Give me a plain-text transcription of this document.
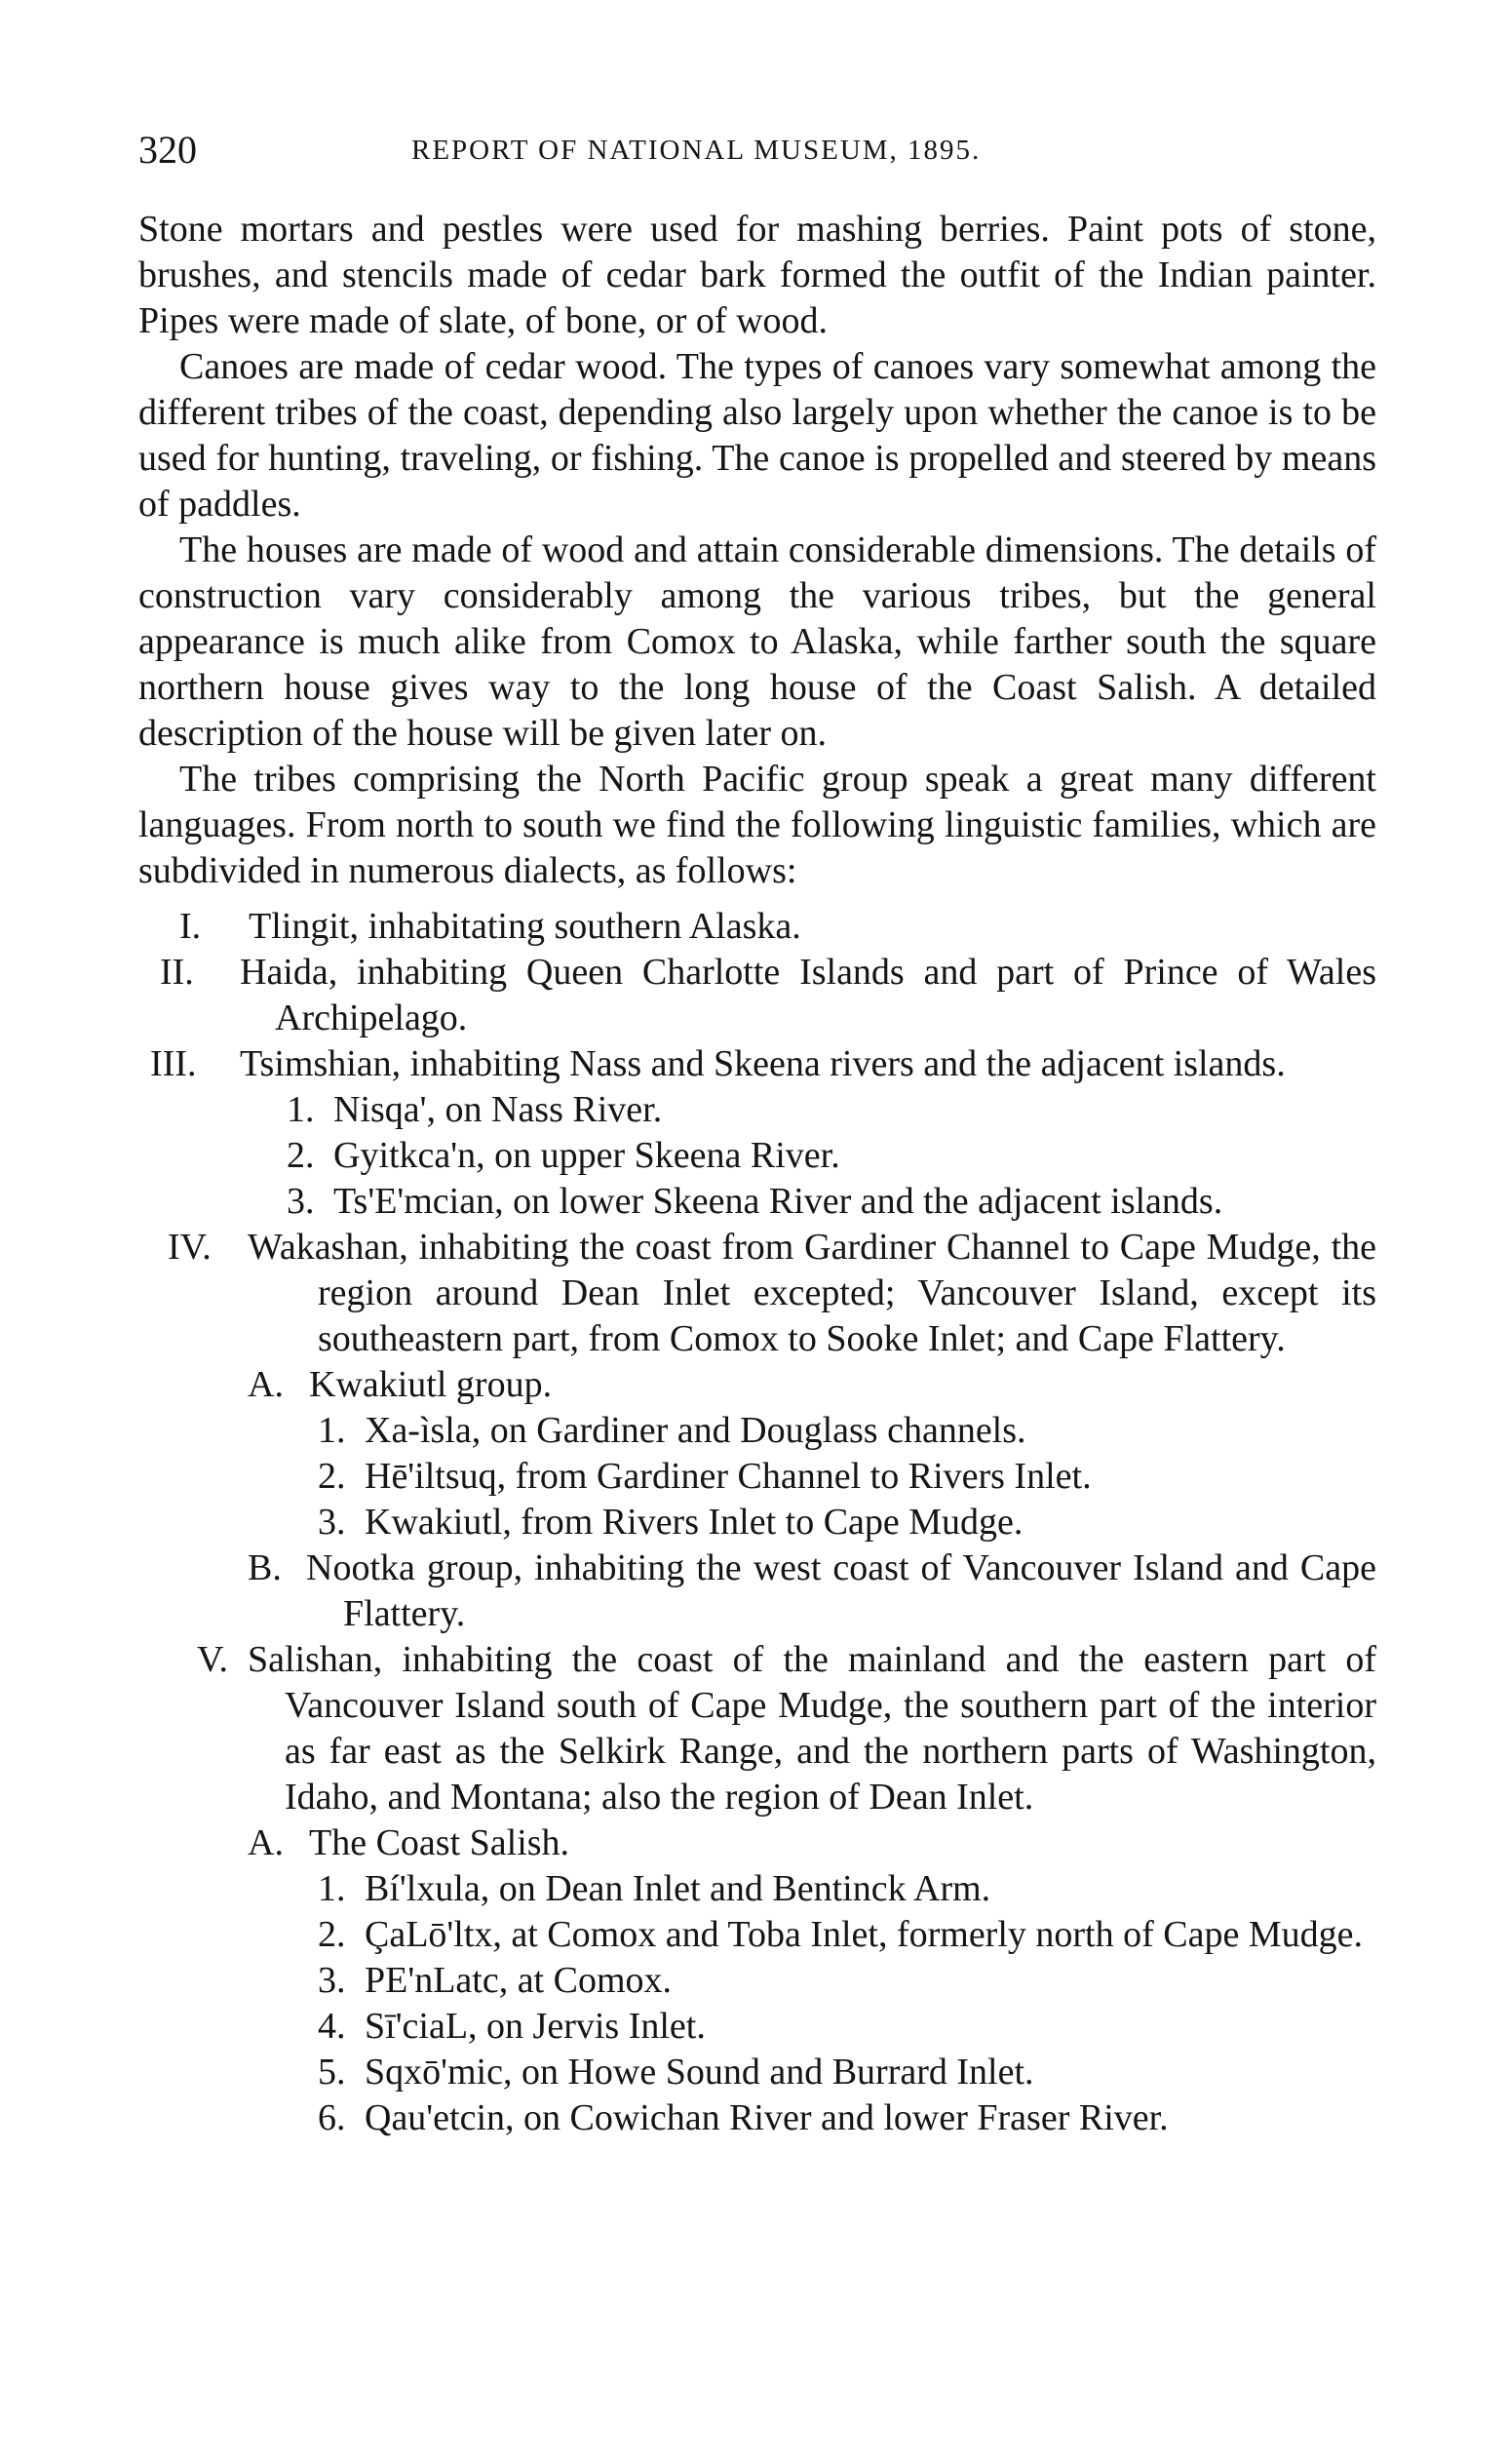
320	REPORT OF NATIONAL MUSEUM, 1895.

Stone mortars and pestles were used for mashing berries. Paint pots of stone, brushes, and stencils made of cedar bark formed the outfit of the Indian painter. Pipes were made of slate, of bone, or of wood.

Canoes are made of cedar wood. The types of canoes vary somewhat among the different tribes of the coast, depending also largely upon whether the canoe is to be used for hunting, traveling, or fishing. The canoe is propelled and steered by means of paddles.

The houses are made of wood and attain considerable dimensions. The details of construction vary considerably among the various tribes, but the general appearance is much alike from Comox to Alaska, while farther south the square northern house gives way to the long house of the Coast Salish. A detailed description of the house will be given later on.

The tribes comprising the North Pacific group speak a great many different languages. From north to south we find the following linguistic families, which are subdivided in numerous dialects, as follows:

I. Tlingit, inhabitating southern Alaska.
II. Haida, inhabiting Queen Charlotte Islands and part of Prince of Wales Archipelago.
III. Tsimshian, inhabiting Nass and Skeena rivers and the adjacent islands.
1. Nisqa', on Nass River.
2. Gyitkca'n, on upper Skeena River.
3. Ts'E'mcian, on lower Skeena River and the adjacent islands.
IV. Wakashan, inhabiting the coast from Gardiner Channel to Cape Mudge, the region around Dean Inlet excepted; Vancouver Island, except its southeastern part, from Comox to Sooke Inlet; and Cape Flattery.
A. Kwakiutl group.
1. Xa-ìsla, on Gardiner and Douglass channels.
2. Hē'iltsuq, from Gardiner Channel to Rivers Inlet.
3. Kwakiutl, from Rivers Inlet to Cape Mudge.
B. Nootka group, inhabiting the west coast of Vancouver Island and Cape Flattery.
V. Salishan, inhabiting the coast of the mainland and the eastern part of Vancouver Island south of Cape Mudge, the southern part of the interior as far east as the Selkirk Range, and the northern parts of Washington, Idaho, and Montana; also the region of Dean Inlet.
A. The Coast Salish.
1. Bí'lxula, on Dean Inlet and Bentinck Arm.
2. ÇaLō'ltx, at Comox and Toba Inlet, formerly north of Cape Mudge.
3. PE'nLatc, at Comox.
4. Sī'ciaL, on Jervis Inlet.
5. Sqxō'mic, on Howe Sound and Burrard Inlet.
6. Qau'etcin, on Cowichan River and lower Fraser River.
